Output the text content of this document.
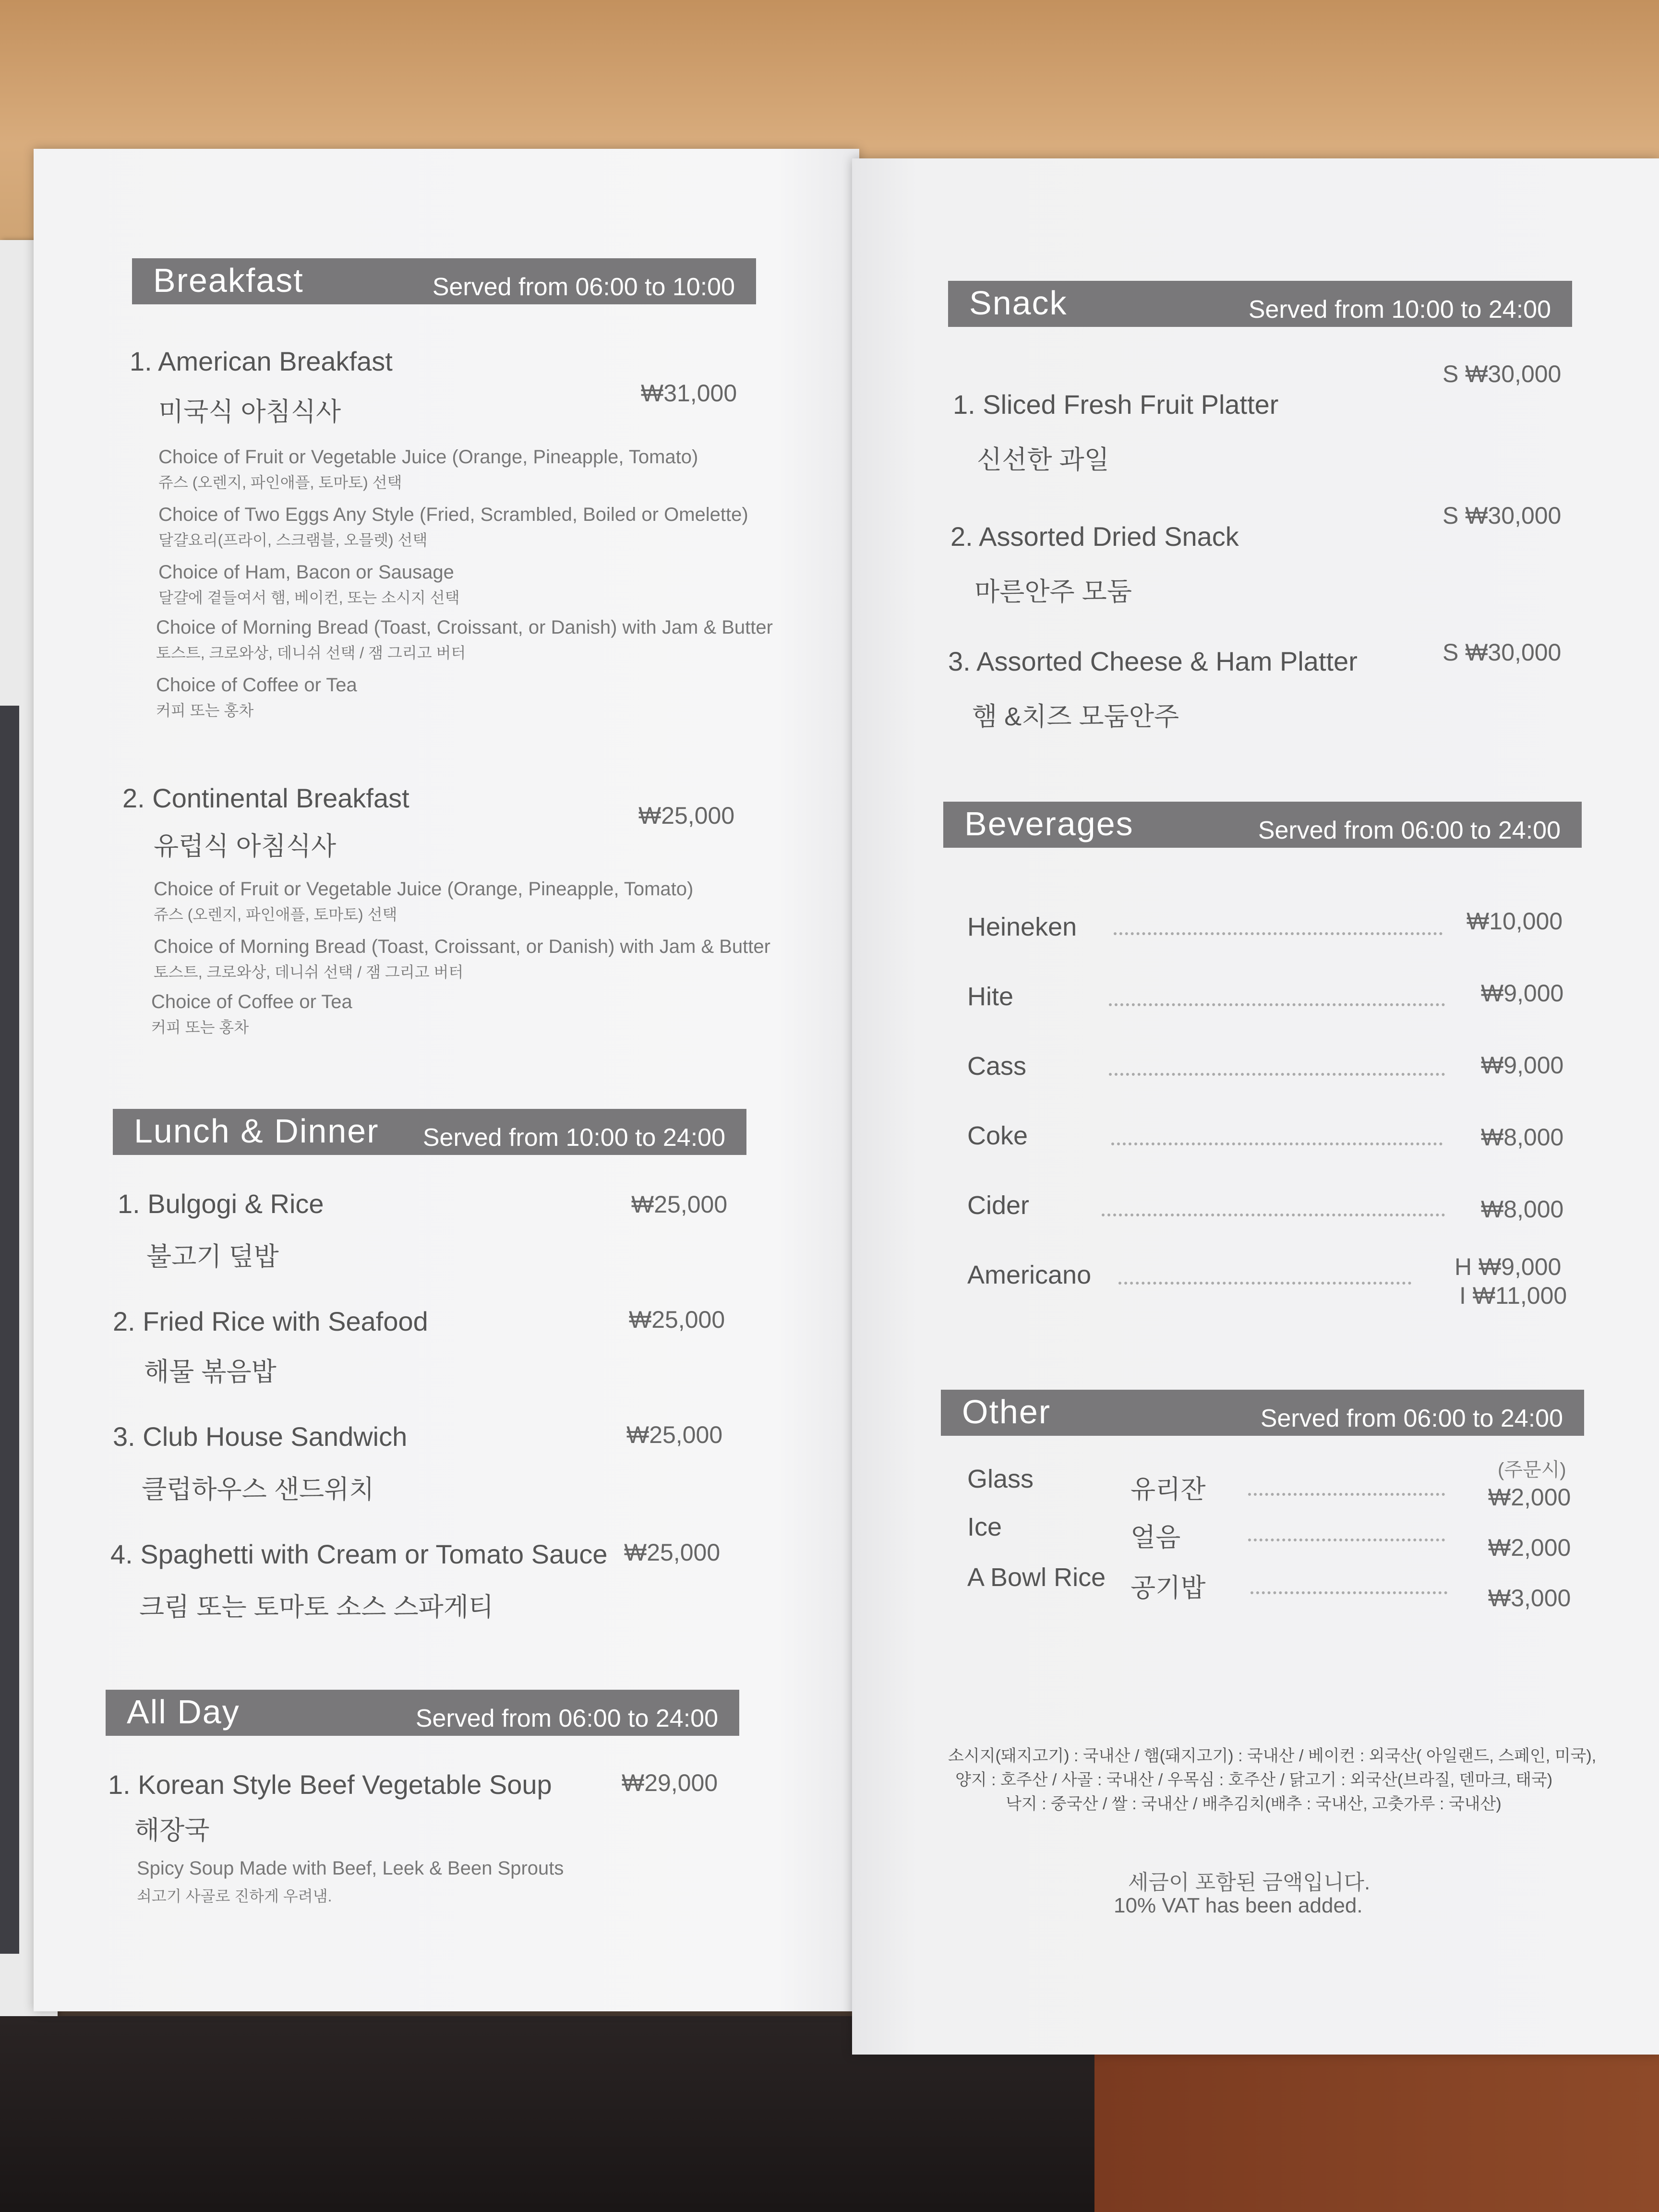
Breakfast	Served from 06:00 to 10:00
1. American Breakfast
미국식 아침식사
₩31,000
Choice of Fruit or Vegetable Juice (Orange, Pineapple, Tomato)
쥬스 (오렌지, 파인애플, 토마토) 선택
Choice of Two Eggs Any Style (Fried, Scrambled, Boiled or Omelette)
달걀요리(프라이, 스크램블, 오믈렛) 선택
Choice of Ham, Bacon or Sausage
달걀에 곁들여서 햄, 베이컨, 또는 소시지 선택
Choice of Morning Bread (Toast, Croissant, or Danish) with Jam & Butter
토스트, 크로와상, 데니쉬 선택 / 잼 그리고 버터
Choice of Coffee or Tea
커피 또는 홍차
2. Continental Breakfast
유럽식 아침식사
₩25,000
Choice of Fruit or Vegetable Juice (Orange, Pineapple, Tomato)
쥬스 (오렌지, 파인애플, 토마토) 선택
Choice of Morning Bread (Toast, Croissant, or Danish) with Jam & Butter
토스트, 크로와상, 데니쉬 선택 / 잼 그리고 버터
Choice of Coffee or Tea
커피 또는 홍차
Lunch & Dinner Served from 10:00 to 24:00
1. Bulgogi & Rice
불고기 덮밥
₩25,000
2. Fried Rice with Seafood
해물 볶음밥
₩25,000
3. Club House Sandwich
클럽하우스 샌드위치
₩25,000
4. Spaghetti with Cream or Tomato Sauce
크림 또는 토마토 소스 스파게티
₩25,000
All Day	Served from 06:00 to 24:00
1. Korean Style Beef Vegetable Soup
해장국
₩29,000
Spicy Soup Made with Beef, Leek & Been Sprouts
쇠고기 사골로 진하게 우려냄.
Snack	Served from 10:00 to 24:00
1. Sliced Fresh Fruit Platter
신선한 과일
S ₩30,000
2. Assorted Dried Snack
마른안주 모둠
S ₩30,000
3. Assorted Cheese & Ham Platter
햄 &치즈 모둠안주
S ₩30,000
Beverages	Served from 06:00 to 24:00
Heineken	₩10,000
Hite	₩9,000
Cass	₩9,000
Coke	₩8,000
Cider	₩8,000
Americano	H ₩9,000
I ₩11,000
Other	Served from 06:00 to 24:00
(주문시)
Glass	유리잔	₩2,000
Ice	얼음	₩2,000
A Bowl Rice 공기밥	₩3,000
소시지(돼지고기) : 국내산 / 햄(돼지고기) : 국내산 / 베이컨 : 외국산( 아일랜드, 스페인, 미국),
양지 : 호주산 / 사골 : 국내산 / 우목심 : 호주산 / 닭고기 : 외국산(브라질, 덴마크, 태국)
낙지 : 중국산 / 쌀 : 국내산 / 배추김치(배추 : 국내산, 고춧가루 : 국내산)
세금이 포함된 금액입니다.
10% VAT has been added.
